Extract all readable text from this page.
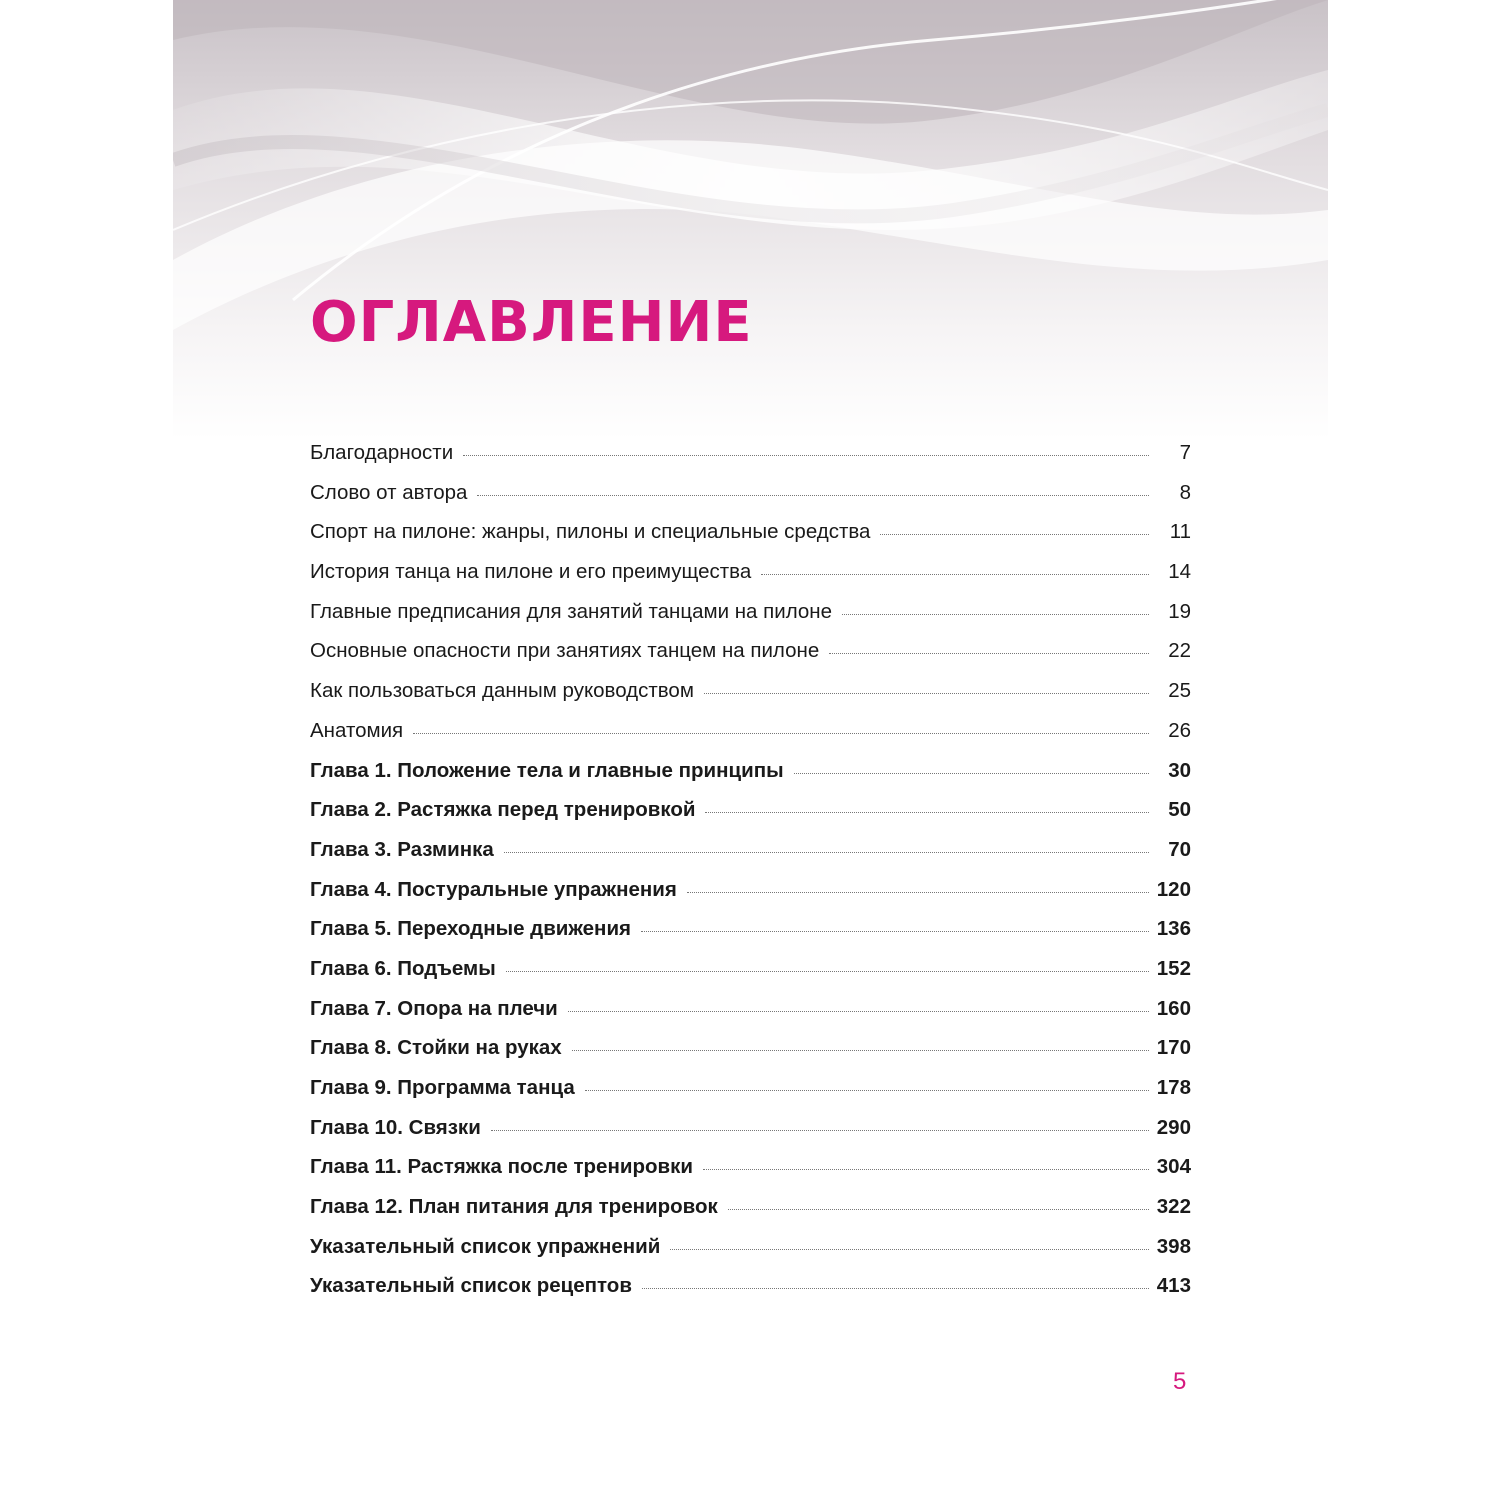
ОГЛАВЛЕНИЕ
Благодарности	7
Слово от автора	8
Спорт на пилоне: жанры, пилоны и специальные средства	11
История танца на пилоне и его преимущества	14
Главные предписания для занятий танцами на пилоне	19
Основные опасности при занятиях танцем на пилоне	22
Как пользоваться данным руководством	25
Анатомия	26
Глава 1. Положение тела и главные принципы	30
Глава 2. Растяжка перед тренировкой	50
Глава 3. Разминка	70
Глава 4. Постуральные упражнения	120
Глава 5. Переходные движения	136
Глава 6. Подъемы	152
Глава 7. Опора на плечи	160
Глава 8. Стойки на руках	170
Глава 9. Программа танца	178
Глава 10. Связки	290
Глава 11. Растяжка после тренировки	304
Глава 12. План питания для тренировок	322
Указательный список упражнений	398
Указательный список рецептов	413
5
